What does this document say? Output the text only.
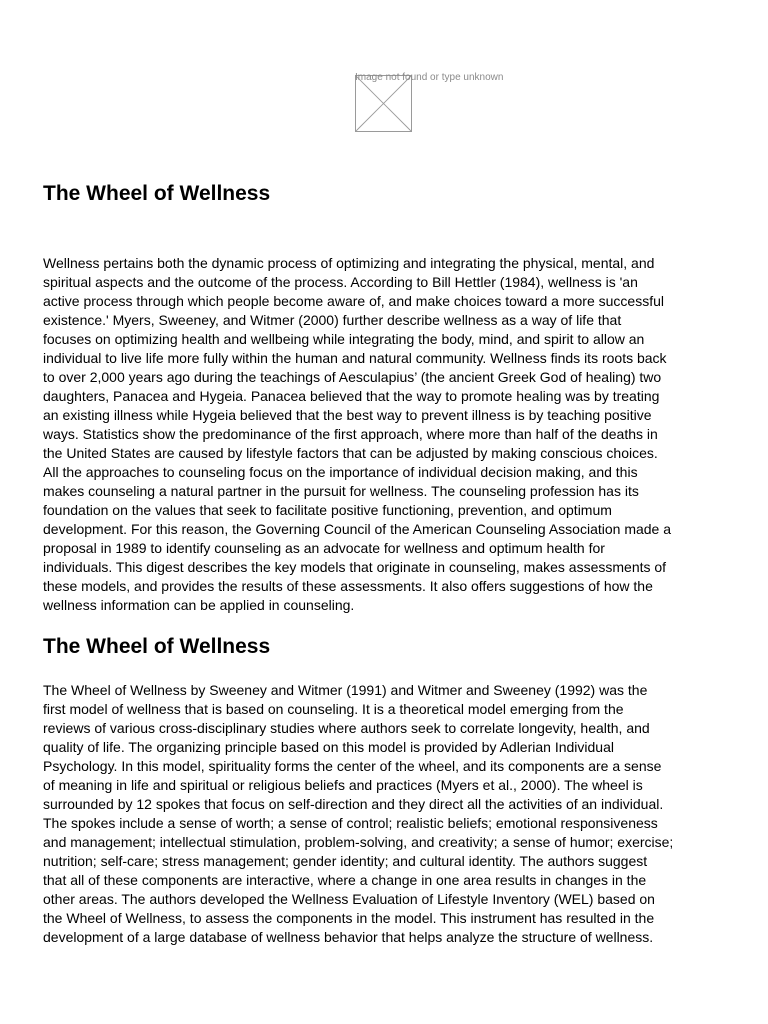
Image not found or type unknown
The Wheel of Wellness
Wellness pertains both the dynamic process of optimizing and integrating the physical, mental, and
spiritual aspects and the outcome of the process. According to Bill Hettler (1984), wellness is 'an
active process through which people become aware of, and make choices toward a more successful
existence.' Myers, Sweeney, and Witmer (2000) further describe wellness as a way of life that
focuses on optimizing health and wellbeing while integrating the body, mind, and spirit to allow an
individual to live life more fully within the human and natural community. Wellness finds its roots back
to over 2,000 years ago during the teachings of Aesculapius’ (the ancient Greek God of healing) two
daughters, Panacea and Hygeia. Panacea believed that the way to promote healing was by treating
an existing illness while Hygeia believed that the best way to prevent illness is by teaching positive
ways. Statistics show the predominance of the first approach, where more than half of the deaths in
the United States are caused by lifestyle factors that can be adjusted by making conscious choices.
All the approaches to counseling focus on the importance of individual decision making, and this
makes counseling a natural partner in the pursuit for wellness. The counseling profession has its
foundation on the values that seek to facilitate positive functioning, prevention, and optimum
development. For this reason, the Governing Council of the American Counseling Association made a
proposal in 1989 to identify counseling as an advocate for wellness and optimum health for
individuals. This digest describes the key models that originate in counseling, makes assessments of
these models, and provides the results of these assessments. It also offers suggestions of how the
wellness information can be applied in counseling.
The Wheel of Wellness
The Wheel of Wellness by Sweeney and Witmer (1991) and Witmer and Sweeney (1992) was the
first model of wellness that is based on counseling. It is a theoretical model emerging from the
reviews of various cross-disciplinary studies where authors seek to correlate longevity, health, and
quality of life. The organizing principle based on this model is provided by Adlerian Individual
Psychology. In this model, spirituality forms the center of the wheel, and its components are a sense
of meaning in life and spiritual or religious beliefs and practices (Myers et al., 2000). The wheel is
surrounded by 12 spokes that focus on self-direction and they direct all the activities of an individual.
The spokes include a sense of worth; a sense of control; realistic beliefs; emotional responsiveness
and management; intellectual stimulation, problem-solving, and creativity; a sense of humor; exercise;
nutrition; self-care; stress management; gender identity; and cultural identity. The authors suggest
that all of these components are interactive, where a change in one area results in changes in the
other areas. The authors developed the Wellness Evaluation of Lifestyle Inventory (WEL) based on
the Wheel of Wellness, to assess the components in the model. This instrument has resulted in the
development of a large database of wellness behavior that helps analyze the structure of wellness.
